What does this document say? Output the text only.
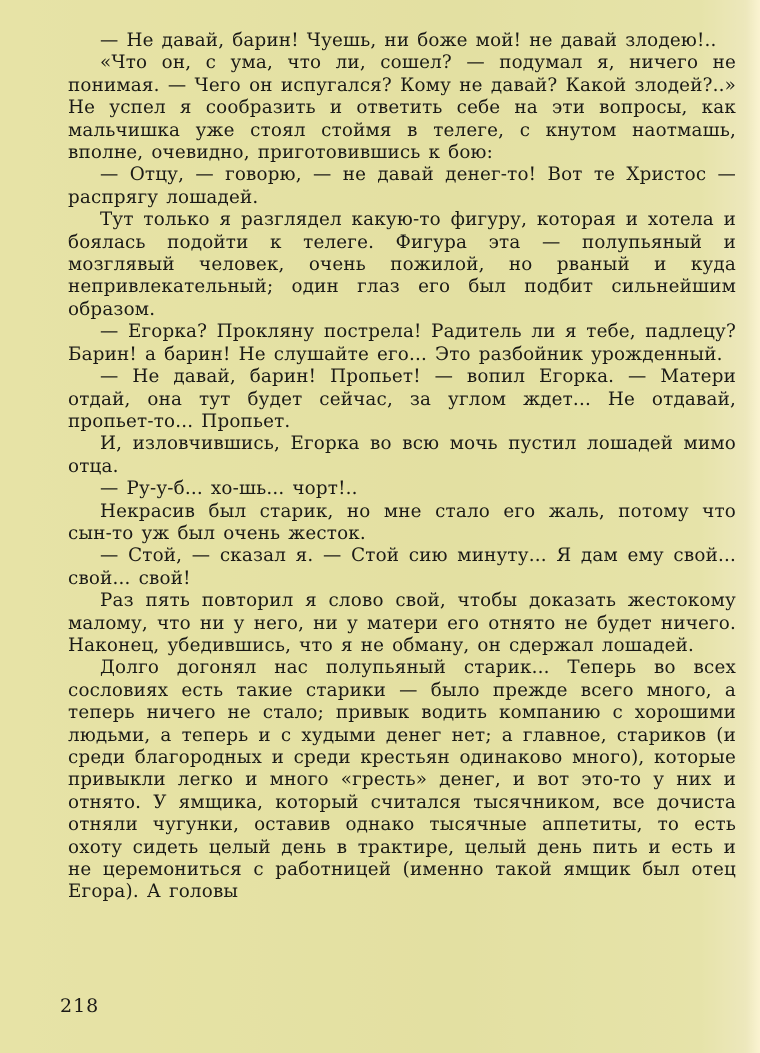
— Не давай, барин! Чуешь, ни боже мой! не давай злодею!..

«Что он, с ума, что ли, сошел? — подумал я, ничего не понимая. — Чего он испугался? Кому не давай? Какой злодей?..» Не успел я сообразить и ответить себе на эти вопросы, как мальчишка уже стоял стоймя в телеге, с кнутом наотмашь, вполне, очевидно, приготовившись к бою:

— Отцу, — говорю, — не давай денег-то! Вот те Христос — распрягу лошадей.

Тут только я разглядел какую-то фигуру, которая и хотела и боялась подойти к телеге. Фигура эта — полупьяный и мозглявый человек, очень пожилой, но рваный и куда непривлекательный; один глаз его был подбит сильнейшим образом.

— Егорка? Прокляну пострела! Радитель ли я тебе, падлецу? Барин! а барин! Не слушайте его... Это разбойник урожденный.

— Не давай, барин! Пропьет! — вопил Егорка. — Матери отдай, она тут будет сейчас, за углом ждет... Не отдавай, пропьет-то... Пропьет.

И, изловчившись, Егорка во всю мочь пустил лошадей мимо отца.

— Ру-у-б... хо-шь... чорт!..

Некрасив был старик, но мне стало его жаль, потому что сын-то уж был очень жесток.

— Стой, — сказал я. — Стой сию минуту... Я дам ему свой... свой... свой!

Раз пять повторил я слово свой, чтобы доказать жестокому малому, что ни у него, ни у матери его отнято не будет ничего. Наконец, убедившись, что я не обману, он сдержал лошадей.

Долго догонял нас полупьяный старик... Теперь во всех сословиях есть такие старики — было прежде всего много, а теперь ничего не стало; привык водить компанию с хорошими людьми, а теперь и с худыми денег нет; а главное, стариков (и среди благородных и среди крестьян одинаково много), которые привыкли легко и много «гресть» денег, и вот это-то у них и отнято. У ямщика, который считался тысячником, все дочиста отняли чугунки, оставив однако тысячные аппетиты, то есть охоту сидеть целый день в трактире, целый день пить и есть и не церемониться с работницей (именно такой ямщик был отец Егора). А головы

218
